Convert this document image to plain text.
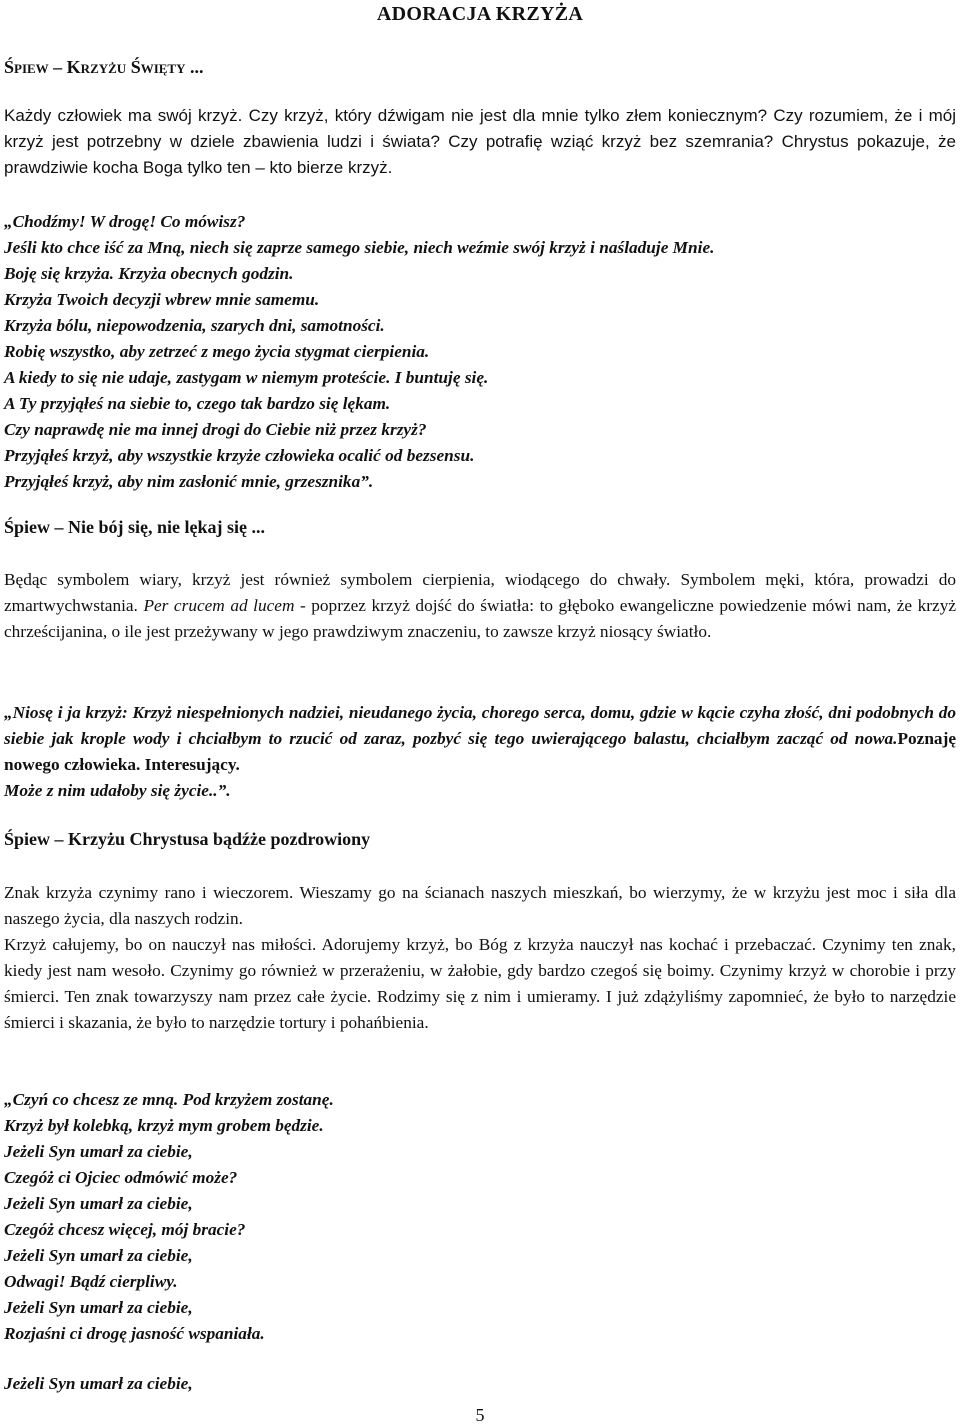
ADORACJA KRZYŻA
Śpiew – Krzyżu Święty ...

Każdy człowiek ma swój krzyż. Czy krzyż, który dźwigam nie jest dla mnie tylko złem koniecznym? Czy rozumiem, że i mój krzyż jest potrzebny w dziele zbawienia ludzi i świata? Czy potrafię wziąć krzyż bez szemrania? Chrystus pokazuje, że prawdziwie kocha Boga tylko ten – kto bierze krzyż.

„Chodźmy! W drogę! Co mówisz?
Jeśli kto chce iść za Mną, niech się zaprze samego siebie, niech weźmie swój krzyż i naśladuje Mnie.
Boję się krzyża. Krzyża obecnych godzin.
Krzyża Twoich decyzji wbrew mnie samemu.
Krzyża bólu, niepowodzenia, szarych dni, samotności.
Robię wszystko, aby zetrzeć z mego życia stygmat cierpienia.
A kiedy to się nie udaje, zastygam w niemym proteście. I buntuję się.
A Ty przyjąłeś na siebie to, czego tak bardzo się lękam.
Czy naprawdę nie ma innej drogi do Ciebie niż przez krzyż?
Przyjąłeś krzyż, aby wszystkie krzyże człowieka ocalić od bezsensu.
Przyjąłeś krzyż, aby nim zasłonić mnie, grzesznika”.
Śpiew – Nie bój się, nie lękaj się ...

Będąc symbolem wiary, krzyż jest również symbolem cierpienia, wiodącego do chwały. Symbolem męki, która, prowadzi do zmartwychwstania. Per crucem ad lucem - poprzez krzyż dojść do światła: to głęboko ewangeliczne powiedzenie mówi nam, że krzyż chrześcijanina, o ile jest przeżywany w jego prawdziwym znaczeniu, to zawsze krzyż niosący światło.

„Niosę i ja krzyż: Krzyż niespełnionych nadziei, nieudanego życia, chorego serca, domu, gdzie w kącie czyha złość, dni podobnych do siebie jak krople wody i chciałbym to rzucić od zaraz, pozbyć się tego uwierającego balastu, chciałbym zacząć od nowa.Poznaję nowego człowieka. Interesujący.
Może z nim udałoby się życie..”.

Śpiew – Krzyżu Chrystusa bądźże pozdrowiony

Znak krzyża czynimy rano i wieczorem. Wieszamy go na ścianach naszych mieszkań, bo wierzymy, że w krzyżu jest moc i siła dla naszego życia, dla naszych rodzin.

Krzyż całujemy, bo on nauczył nas miłości. Adorujemy krzyż, bo Bóg z krzyża nauczył nas kochać i przebaczać. Czynimy ten znak, kiedy jest nam wesoło. Czynimy go również w przerażeniu, w żałobie, gdy bardzo czegoś się boimy. Czynimy krzyż w chorobie i przy śmierci. Ten znak towarzyszy nam przez całe życie. Rodzimy się z nim i umieramy. I już zdążyliśmy zapomnieć, że było to narzędzie śmierci i skazania, że było to narzędzie tortury i pohańbienia.

„Czyń co chcesz ze mną. Pod krzyżem zostanę.
Krzyż był kolebką, krzyż mym grobem będzie.
Jeżeli Syn umarł za ciebie,
Czegóż ci Ojciec odmówić może?
Jeżeli Syn umarł za ciebie,
Czegóż chcesz więcej, mój bracie?
Jeżeli Syn umarł za ciebie,
Odwagi! Bądź cierpliwy.
Jeżeli Syn umarł za ciebie,
Rozjaśni ci drogę jasność wspaniała.
Jeżeli Syn umarł za ciebie,
5
